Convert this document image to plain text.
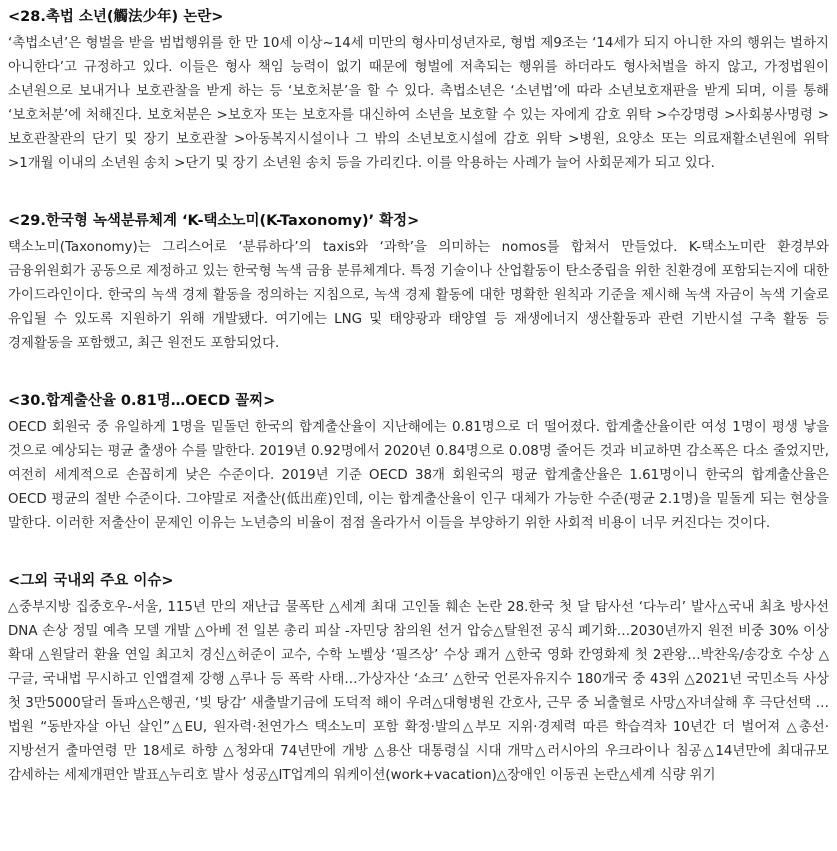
<28.촉법 소년(觸法少年) 논란>

‘촉법소년’은 형벌을 받을 범법행위를 한 만 10세 이상~14세 미만의 형사미성년자로, 형법 제9조는 ‘14세가 되지 아니한 자의 행위는 벌하지 아니한다’고 규정하고 있다. 이들은 형사 책임 능력이 없기 때문에 형벌에 저촉되는 행위를 하더라도 형사처벌을 하지 않고, 가정법원이 소년원으로 보내거나 보호관찰을 받게 하는 등 ‘보호처분’을 할 수 있다. 촉법소년은 ‘소년법’에 따라 소년보호재판을 받게 되며, 이를 통해 ‘보호처분’에 처해진다. 보호처분은 >보호자 또는 보호자를 대신하여 소년을 보호할 수 있는 자에게 감호 위탁 >수강명령 >사회봉사명령 >보호관찰관의 단기 및 장기 보호관찰 >아동복지시설이나 그 밖의 소년보호시설에 감호 위탁 >병원, 요양소 또는 의료재활소년원에 위탁 >1개월 이내의 소년원 송치 >단기 및 장기 소년원 송치 등을 가리킨다. 이를 악용하는 사례가 늘어 사회문제가 되고 있다.

<29.한국형 녹색분류체계 ‘K-택소노미(K-Taxonomy)’ 확정>

택소노미(Taxonomy)는 그리스어로 ‘분류하다’의 taxis와 ‘과학’을 의미하는 nomos를 합쳐서 만들었다. K-택소노미란 환경부와 금융위원회가 공동으로 제정하고 있는 한국형 녹색 금융 분류체계다. 특정 기술이나 산업활동이 탄소중립을 위한 친환경에 포함되는지에 대한 가이드라인이다. 한국의 녹색 경제 활동을 정의하는 지침으로, 녹색 경제 활동에 대한 명확한 원칙과 기준을 제시해 녹색 자금이 녹색 기술로 유입될 수 있도록 지원하기 위해 개발됐다. 여기에는 LNG 및 태양광과 태양열 등 재생에너지 생산활동과 관련 기반시설 구축 활동 등 경제활동을 포함했고, 최근 원전도 포함되었다.

<30.합계출산율 0.81명…OECD 꼴찌>

OECD 회원국 중 유일하게 1명을 밑돌던 한국의 합계출산율이 지난해에는 0.81명으로 더 떨어졌다. 합계출산율이란 여성 1명이 평생 낳을 것으로 예상되는 평균 출생아 수를 말한다. 2019년 0.92명에서 2020년 0.84명으로 0.08명 줄어든 것과 비교하면 감소폭은 다소 줄었지만, 여전히 세계적으로 손꼽히게 낮은 수준이다. 2019년 기준 OECD 38개 회원국의 평균 합계출산율은 1.61명이니 한국의 합계출산율은 OECD 평균의 절반 수준이다. 그야말로 저출산(低出産)인데, 이는 합계출산율이 인구 대체가 가능한 수준(평균 2.1명)을 밑돌게 되는 현상을 말한다. 이러한 저출산이 문제인 이유는 노년층의 비율이 점점 올라가서 이들을 부양하기 위한 사회적 비용이 너무 커진다는 것이다.

<그외 국내외 주요 이슈>

△중부지방 집중호우-서울, 115년 만의 재난급 물폭탄 △세계 최대 고인돌 훼손 논란 28.한국 첫 달 탐사선 ‘다누리’ 발사△국내 최초 방사선 DNA 손상 정밀 예측 모델 개발 △아베 전 일본 총리 피살 -자민당 참의원 선거 압승△탈원전 공식 폐기화…2030년까지 원전 비중 30% 이상 확대 △원달러 환율 연일 최고치 경신△허준이 교수, 수학 노벨상 ‘필즈상’ 수상 쾌거 △한국 영화 칸영화제 첫 2관왕…박찬욱/송강호 수상 △구글, 국내법 무시하고 인앱결제 강행 △루나 등 폭락 사태…가상자산 ‘쇼크’ △한국 언론자유지수 180개국 중 43위 △2021년 국민소득 사상 첫 3만5000달러 돌파△은행권, ‘빚 탕감’ 새출발기금에 도덕적 해이 우려△대형병원 간호사, 근무 중 뇌출혈로 사망△자녀살해 후 극단선택 … 법원 “동반자살 아닌 살인”△EU, 원자력·천연가스 택소노미 포함 확정·발의△부모 지위·경제력 따른 학습격차 10년간 더 벌어져 △총선·지방선거 출마연령 만 18세로 하향 △청와대 74년만에 개방 △용산 대통령실 시대 개막△러시아의 우크라이나 침공△14년만에 최대규모 감세하는 세제개편안 발표△누리호 발사 성공△IT업계의 워케이션(work+vacation)△장애인 이동권 논란△세계 식량 위기
